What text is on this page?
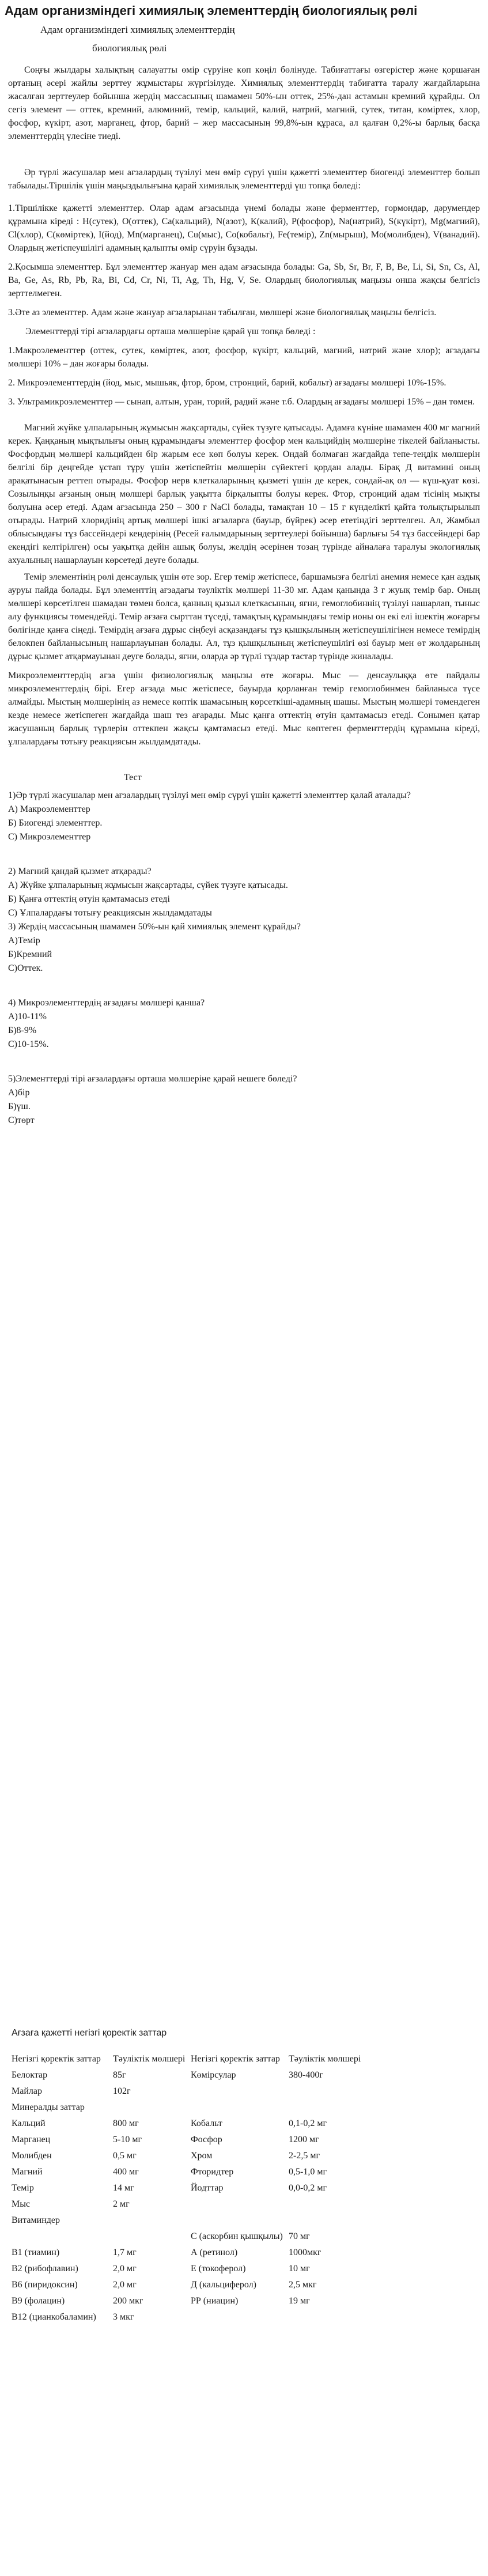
Адам организміндегі химиялық элементтердің биологиялық рөлі
Адам организміндегі химиялық элементтердің
биологиялық рөлі
Соңғы жылдары халықтың салауатты өмір сүруіне көп көңіл бөлінуде. Табиғаттағы өзгерістер және қоршаған ортаның әсері жайлы зерттеу жұмыстары жүргізілуде. Химиялық элементтердің табиғатта таралу жағдайларына жасалған зерттеулер бойынша жердің массасының шамамен 50%-ын оттек, 25%-дан астамын кремний құрайды. Ол сегіз элемент — оттек, кремний, алюминий, темір, кальций, калий, натрий, магний, сутек, титан, көміртек, хлор, фосфор, күкірт, азот, марганец, фтор, барий – жер массасының 99,8%-ын құраса, ал қалған 0,2%-ы барлық басқа элементтердің үлесіне тиеді.
Әр түрлі жасушалар мен ағзалардың түзілуі мен өмір сүруі үшін қажетті элементтер биогенді элементтер болып табылады.Тіршілік үшін маңыздылығына қарай химиялық элементтерді үш топқа бөледі:
1.Тіршілікке қажетті элементтер. Олар адам ағзасында үнемі болады және ферменттер, гормондар, дәрумендер құрамына кіреді : Н(сутек), О(оттек), Са(кальций), N(азот), К(калий), Р(фосфор), Na(натрий), S(күкірт), Mg(магний), Cl(хлор), С(көміртек), I(йод), Mn(марганец), Cu(мыс), Co(кобальт), Fe(темір), Zn(мырыш), Mo(молибден), V(ванадий). Олардың жетіспеушілігі адамның қалыпты өмір сүруін бұзады.
2.Қосымша элементтер. Бұл элементтер жануар мен адам ағзасында болады: Ga, Sb, Sr, Br, F, B, Be, Li, Si, Sn, Cs, Al, Ba, Ge, As, Rb, Pb, Ra, Bi, Cd, Cr, Ni, Ti, Ag, Th, Hg, V, Se. Олардың биологиялық маңызы онша жақсы белгісіз зерттелмеген.
3.Әте аз элементтер. Адам және жануар ағзаларынан табылған, мөлшері және биологиялық маңызы белгісіз.
Элементтерді тірі ағзалардағы орташа мөлшеріне қарай үш топқа бөледі :
1.Макроэлементтер (оттек, сутек, көміртек, азот, фосфор, күкірт, кальций, магний, натрий және хлор); ағзадағы мөлшері 10% – дан жоғары болады.
2. Микроэлементтердің (йод, мыс, мышьяк, фтор, бром, стронций, барий, кобальт) ағзадағы мөлшері 10%-15%.
3. Ультрамикроэлементтер — сынап, алтын, уран, торий, радий және т.б. Олардың ағзадағы мөлшері 15% – дан төмен.
Магний жүйке ұлпаларының жұмысын жақсартады, сүйек түзуге қатысады. Адамға күніне шамамен 400 мг магний керек. Қаңқаның мықтылығы оның құрамындағы элементтер фосфор мен кальцийдің мөлшеріне тікелей байланысты. Фосфордың мөлшері кальцийден бір жарым есе көп болуы керек. Ондай болмаған жағдайда тепе-теңдік мөлшерін белгілі бір деңгейде ұстап тұру үшін жетіспейтін мөлшерін сүйектегі қордан алады. Бірақ Д витамині оның арақатынасын реттеп отырады. Фосфор нерв клеткаларының қызметі үшін де керек, сондай-ақ ол — күш-қуат көзі. Созылыңқы ағзаның оның мөлшері барлық уақытта бірқалыпты болуы керек. Фтор, стронций адам тісінің мықты болуына әсер етеді. Адам ағзасында 250 – 300 г NaCl болады, тамақтан 10 – 15 г күнделікті қайта толықтырылып отырады. Натрий хлоридінің артық мөлшері ішкі ағзаларға (бауыр, бүйрек) әсер ететіндігі зерттелген. Ал, Жамбыл облысындағы тұз бассейндері кендерінің (Ресей ғалымдарының зерттеулері бойынша) барлығы 54 тұз бассейндері бар екендігі келтірілген) осы уақытқа дейін ашық болуы, желдің әсерінен тозаң түрінде айналаға таралуы экологиялық ахуалының нашарлауын көрсетеді деуге болады.
Темір элементінің рөлі денсаулық үшін өте зор. Егер темір жетіспесе, баршамызға белгілі анемия немесе қан аздық ауруы пайда болады. Бұл элементтің ағзадағы тәуліктік мөлшері 11-30 мг. Адам қанында 3 г жуық темір бар. Оның мөлшері көрсетілген шамадан төмен болса, қанның қызыл клеткасының, яғни, гемоглобиннің түзілуі нашарлап, тыныс алу функциясы төмендейді. Темір ағзаға сырттан түседі, тамақтың құрамындағы темір ионы он екі елі ішектің жоғарғы бөлігінде қанға сіңеді. Темірдің ағзаға дұрыс сіңбеуі асқазандағы тұз қышқылының жетіспеушілігінен немесе темірдің белокпен байланысының нашарлауынан болады. Ал, тұз қышқылының жетіспеушілігі өзі бауыр мен өт жолдарының дұрыс қызмет атқармауынан деуге болады, яғни, оларда әр түрлі тұздар тастар түрінде жиналады.
Микроэлементтердің ағза үшін физиологиялық маңызы өте жоғары. Мыс — денсаулыққа өте пайдалы микроэлементтердің бірі. Егер ағзада мыс жетіспесе, бауырда қорланған темір гемоглобинмен байланыса түсе алмайды. Мыстың мөлшерінің аз немесе көптік шамасының көрсеткіші-адамның шашы. Мыстың мөлшері төмендеген кезде немесе жетіспеген жағдайда шаш тез ағарады. Мыс қанға оттектің өтуін қамтамасыз етеді. Сонымен қатар жасушаның барлық түрлерін оттекпен жақсы қамтамасыз етеді. Мыс көптеген ферменттердің құрамына кіреді, ұлпалардағы тотығу реакциясын жылдамдатады.
Тест
1)Әр түрлі жасушалар мен ағзалардың түзілуі мен өмір сүруі үшін қажетті элементтер қалай аталады?
А) Макроэлементтер
Б) Биогенді элементтер.
С) Микроэлементтер
2) Магний қандай қызмет атқарады?
А) Жүйке ұлпаларының жұмысын жақсартады, сүйек түзуге қатысады.
Б) Қанға оттектің өтуін қамтамасыз етеді
С) Ұлпалардағы тотығу реакциясын жылдамдатады
3) Жердің массасының шамамен 50%-ын қай химиялық элемент құрайды?
А)Темір
Б)Кремний
С)Оттек.
4) Микроэлементтердің ағзадағы мөлшері қанша?
А)10-11%
Б)8-9%
С)10-15%.
5)Элементтерді тірі ағзалардағы орташа мөлшеріне қарай нешеге бөледі?
А)бір
Б)үш.
С)төрт
Ағзаға қажетті негізгі қоректік заттар
Негізгі қоректік заттар	Тәуліктік мөлшері	Негізгі қоректік заттар	Тәуліктік мөлшері
Белоктар	85г	Көмірсулар	380-400г
Майлар	102г		
Минералды заттар			
Кальций	800 мг	Кобальт	0,1-0,2 мг
Марганец	5-10 мг	Фосфор	1200 мг
Молибден	0,5 мг	Хром	2-2,5 мг
Магний	400 мг	Фторидтер	0,5-1,0 мг
Темір	14 мг	Йодттар	0,0-0,2 мг
Мыс	2 мг		
Витаминдер			
		С (аскорбин қышқылы)	70 мг
В1 (тиамин)	1,7 мг	А (ретинол)	1000мкг
В2 (рибофлавин)	2,0 мг	Е (токоферол)	10 мг
В6 (пиридоксин)	2,0 мг	Д (кальциферол)	2,5 мкг
В9 (фолацин)	200 мкг	РР (ниацин)	19 мг
В12 (цианкобаламин)	3 мкг		
